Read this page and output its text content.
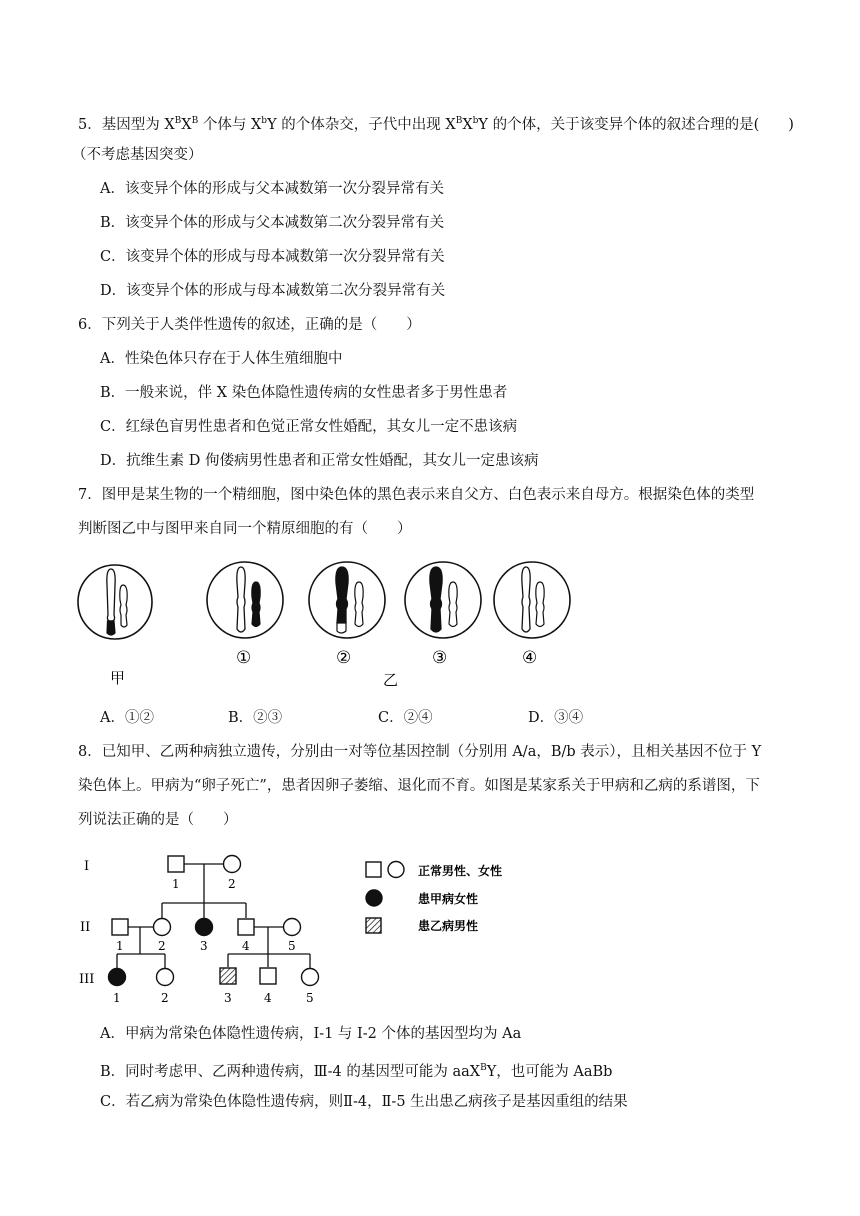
5．基因型为 $X^BX^B$ 个体与 $X^bY$ 的个体杂交，子代中出现 $X^BX^bY$ 的个体，关于该变异个体的叙述合理的是(　　)
（不考虑基因突变）
A．该变异个体的形成与父本减数第一次分裂异常有关
B．该变异个体的形成与父本减数第二次分裂异常有关
C．该变异个体的形成与母本减数第一次分裂异常有关
D．该变异个体的形成与母本减数第二次分裂异常有关
6．下列关于人类伴性遗传的叙述，正确的是（　　）
A．性染色体只存在于人体生殖细胞中
B．一般来说，伴 X 染色体隐性遗传病的女性患者多于男性患者
C．红绿色盲男性患者和色觉正常女性婚配，其女儿一定不患该病
D．抗维生素 D 佝偻病男性患者和正常女性婚配，其女儿一定患该病
7．图甲是某生物的一个精细胞，图中染色体的黑色表示来自父方、白色表示来自母方。根据染色体的类型
判断图乙中与图甲来自同一个精原细胞的有（　　）
甲
①	②	③	④
乙
A．①②	B．②③	C．②④	D．③④
8．已知甲、乙两种病独立遗传，分别由一对等位基因控制（分别用 A/a，B/b 表示），且相关基因不位于 Y
染色体上。甲病为“卵子死亡”，患者因卵子萎缩、退化而不育。如图是某家系关于甲病和乙病的系谱图，下
列说法正确的是（　　）
I
II
III
1	2
1	2	3	4	5
1	2	3	4	5
正常男性、女性
患甲病女性
患乙病男性
A．甲病为常染色体隐性遗传病，I-1 与 I-2 个体的基因型均为 Aa
B．同时考虑甲、乙两种遗传病，Ⅲ-4 的基因型可能为 aaX$^B$Y，也可能为 AaBb
C．若乙病为常染色体隐性遗传病，则Ⅱ-4，Ⅱ-5 生出患乙病孩子是基因重组的结果
